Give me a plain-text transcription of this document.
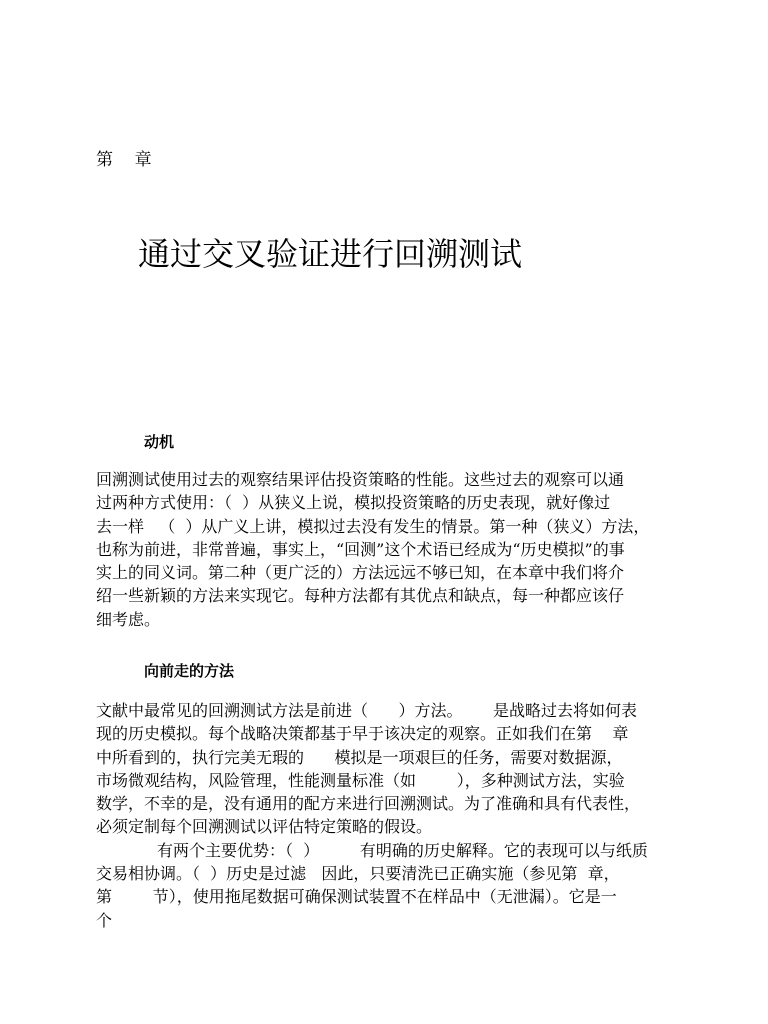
第    章
通过交叉验证进行回溯测试
动机
回溯测试使用过去的观察结果评估投资策略的性能。这些过去的观察可以通
过两种方式使用：（  ）从狭义上说，模拟投资策略的历史表现，就好像过
去一样   （  ）从广义上讲，模拟过去没有发生的情景。第一种（狭义）方法，
也称为前进，非常普遍，事实上，“回测”这个术语已经成为“历史模拟”的事
实上的同义词。第二种（更广泛的）方法远远不够已知，在本章中我们将介
绍一些新颖的方法来实现它。每种方法都有其优点和缺点，每一种都应该仔
细考虑。
向前走的方法
文献中最常见的回溯测试方法是前进（      ）方法。      是战略过去将如何表
现的历史模拟。每个战略决策都基于早于该决定的观察。正如我们在第    章
中所看到的，执行完美无瑕的      模拟是一项艰巨的任务，需要对数据源，
市场微观结构，风险管理，性能测量标准（如        ），多种测试方法，实验
数学，不幸的是，没有通用的配方来进行回溯测试。为了准确和具有代表性，
必须定制每个回溯测试以评估特定策略的假设。
有两个主要优势：（  ）        有明确的历史解释。它的表现可以与纸质
交易相协调。（  ）历史是过滤   因此，只要清洗已正确实施（参见第  章，
第        节），使用拖尾数据可确保测试装置不在样品中（无泄漏）。它是一
个
